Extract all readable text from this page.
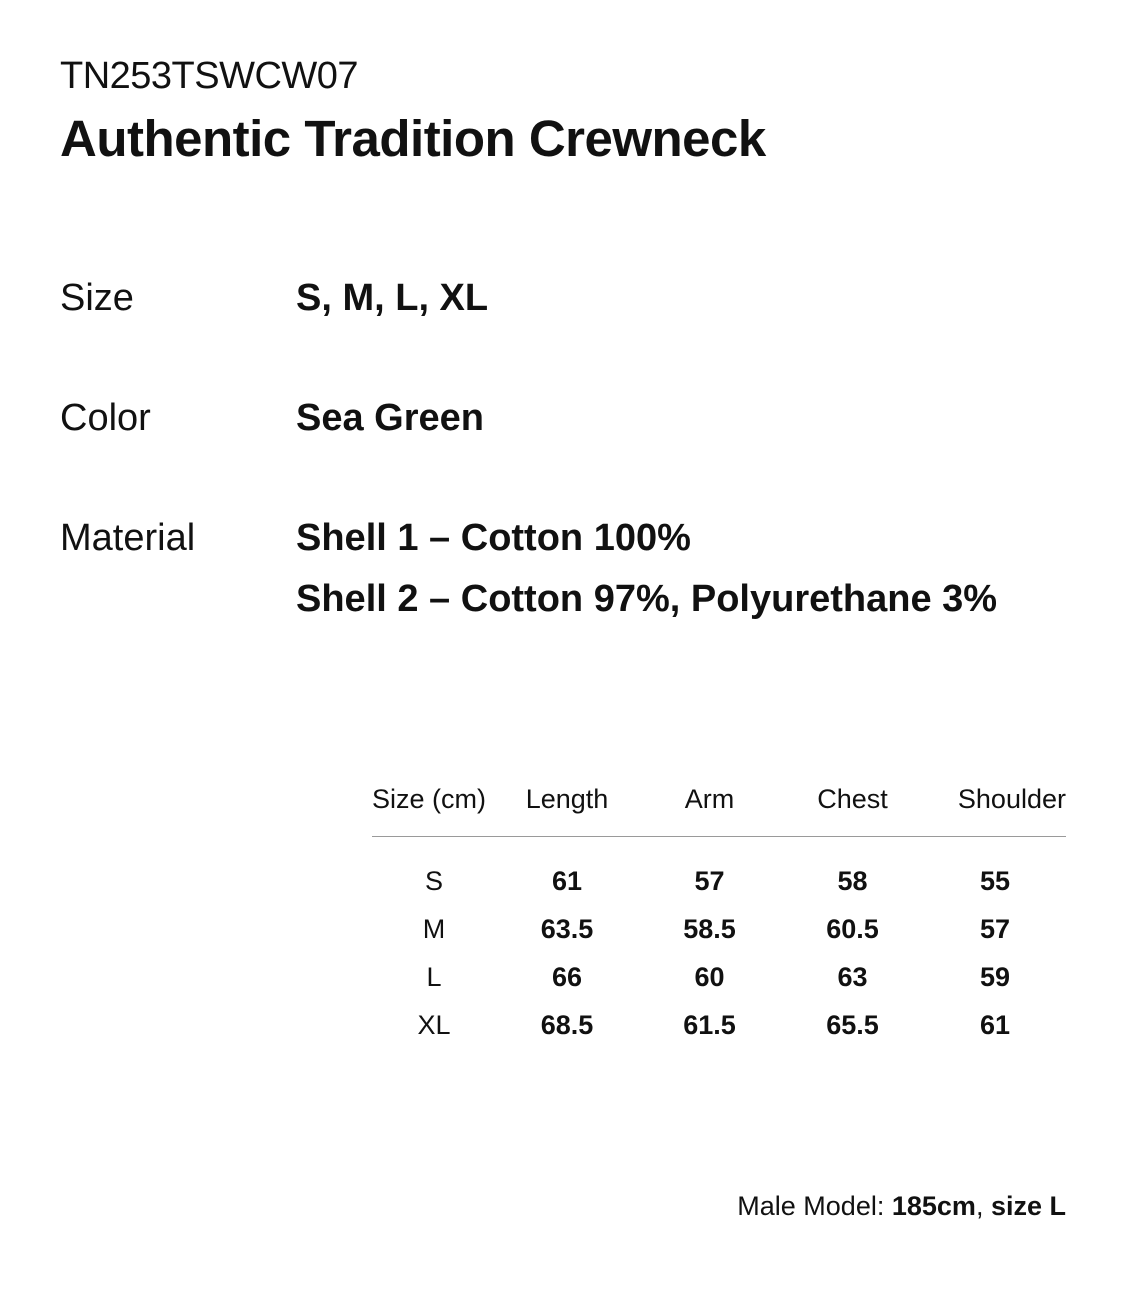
TN253TSWCW07
Authentic Tradition Crewneck
Size	S, M, L, XL
Color	Sea Green
Material	Shell 1 – Cotton 100%
Shell 2 – Cotton 97%, Polyurethane 3%
Size (cm)	Length	Arm	Chest	Shoulder
S	61	57	58	55
M	63.5	58.5	60.5	57
L	66	60	63	59
XL	68.5	61.5	65.5	61
Male Model: 185cm, size L
